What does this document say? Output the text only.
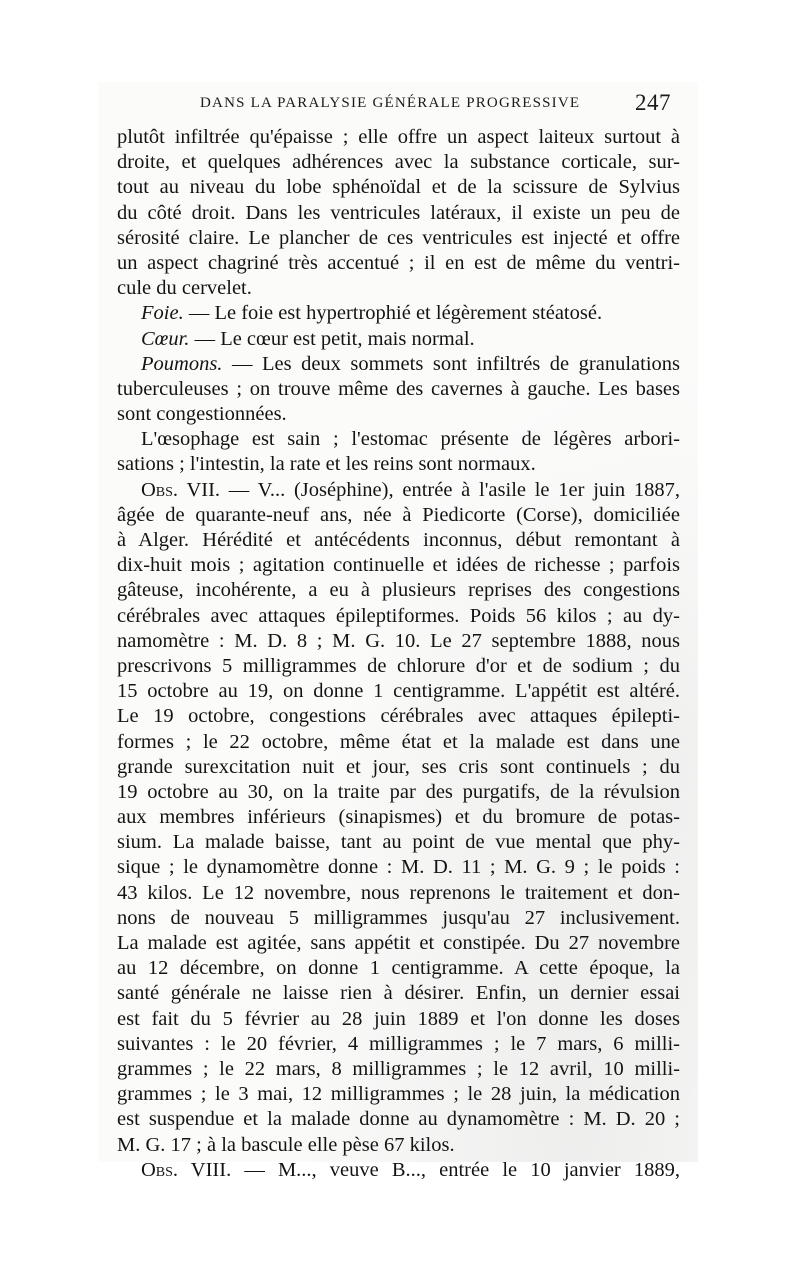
DANS LA PARALYSIE GÉNÉRALE PROGRESSIVE 247
plutôt infiltrée qu'épaisse ; elle offre un aspect laiteux surtout à
droite, et quelques adhérences avec la substance corticale, sur-
tout au niveau du lobe sphénoïdal et de la scissure de Sylvius
du côté droit. Dans les ventricules latéraux, il existe un peu de
sérosité claire. Le plancher de ces ventricules est injecté et offre
un aspect chagriné très accentué ; il en est de même du ventri-
cule du cervelet.
Foie. — Le foie est hypertrophié et légèrement stéatosé.
Cœur. — Le cœur est petit, mais normal.
Poumons. — Les deux sommets sont infiltrés de granulations
tuberculeuses ; on trouve même des cavernes à gauche. Les bases
sont congestionnées.
L'œsophage est sain ; l'estomac présente de légères arbori-
sations ; l'intestin, la rate et les reins sont normaux.
Obs. VII. — V... (Joséphine), entrée à l'asile le 1er juin 1887,
âgée de quarante-neuf ans, née à Piedicorte (Corse), domiciliée
à Alger. Hérédité et antécédents inconnus, début remontant à
dix-huit mois ; agitation continuelle et idées de richesse ; parfois
gâteuse, incohérente, a eu à plusieurs reprises des congestions
cérébrales avec attaques épileptiformes. Poids 56 kilos ; au dy-
namomètre : M. D. 8 ; M. G. 10. Le 27 septembre 1888, nous
prescrivons 5 milligrammes de chlorure d'or et de sodium ; du
15 octobre au 19, on donne 1 centigramme. L'appétit est altéré.
Le 19 octobre, congestions cérébrales avec attaques épilepti-
formes ; le 22 octobre, même état et la malade est dans une
grande surexcitation nuit et jour, ses cris sont continuels ; du
19 octobre au 30, on la traite par des purgatifs, de la révulsion
aux membres inférieurs (sinapismes) et du bromure de potas-
sium. La malade baisse, tant au point de vue mental que phy-
sique ; le dynamomètre donne : M. D. 11 ; M. G. 9 ; le poids :
43 kilos. Le 12 novembre, nous reprenons le traitement et don-
nons de nouveau 5 milligrammes jusqu'au 27 inclusivement.
La malade est agitée, sans appétit et constipée. Du 27 novembre
au 12 décembre, on donne 1 centigramme. A cette époque, la
santé générale ne laisse rien à désirer. Enfin, un dernier essai
est fait du 5 février au 28 juin 1889 et l'on donne les doses
suivantes : le 20 février, 4 milligrammes ; le 7 mars, 6 milli-
grammes ; le 22 mars, 8 milligrammes ; le 12 avril, 10 milli-
grammes ; le 3 mai, 12 milligrammes ; le 28 juin, la médication
est suspendue et la malade donne au dynamomètre : M. D. 20 ;
M. G. 17 ; à la bascule elle pèse 67 kilos.
Obs. VIII. — M..., veuve B..., entrée le 10 janvier 1889,
